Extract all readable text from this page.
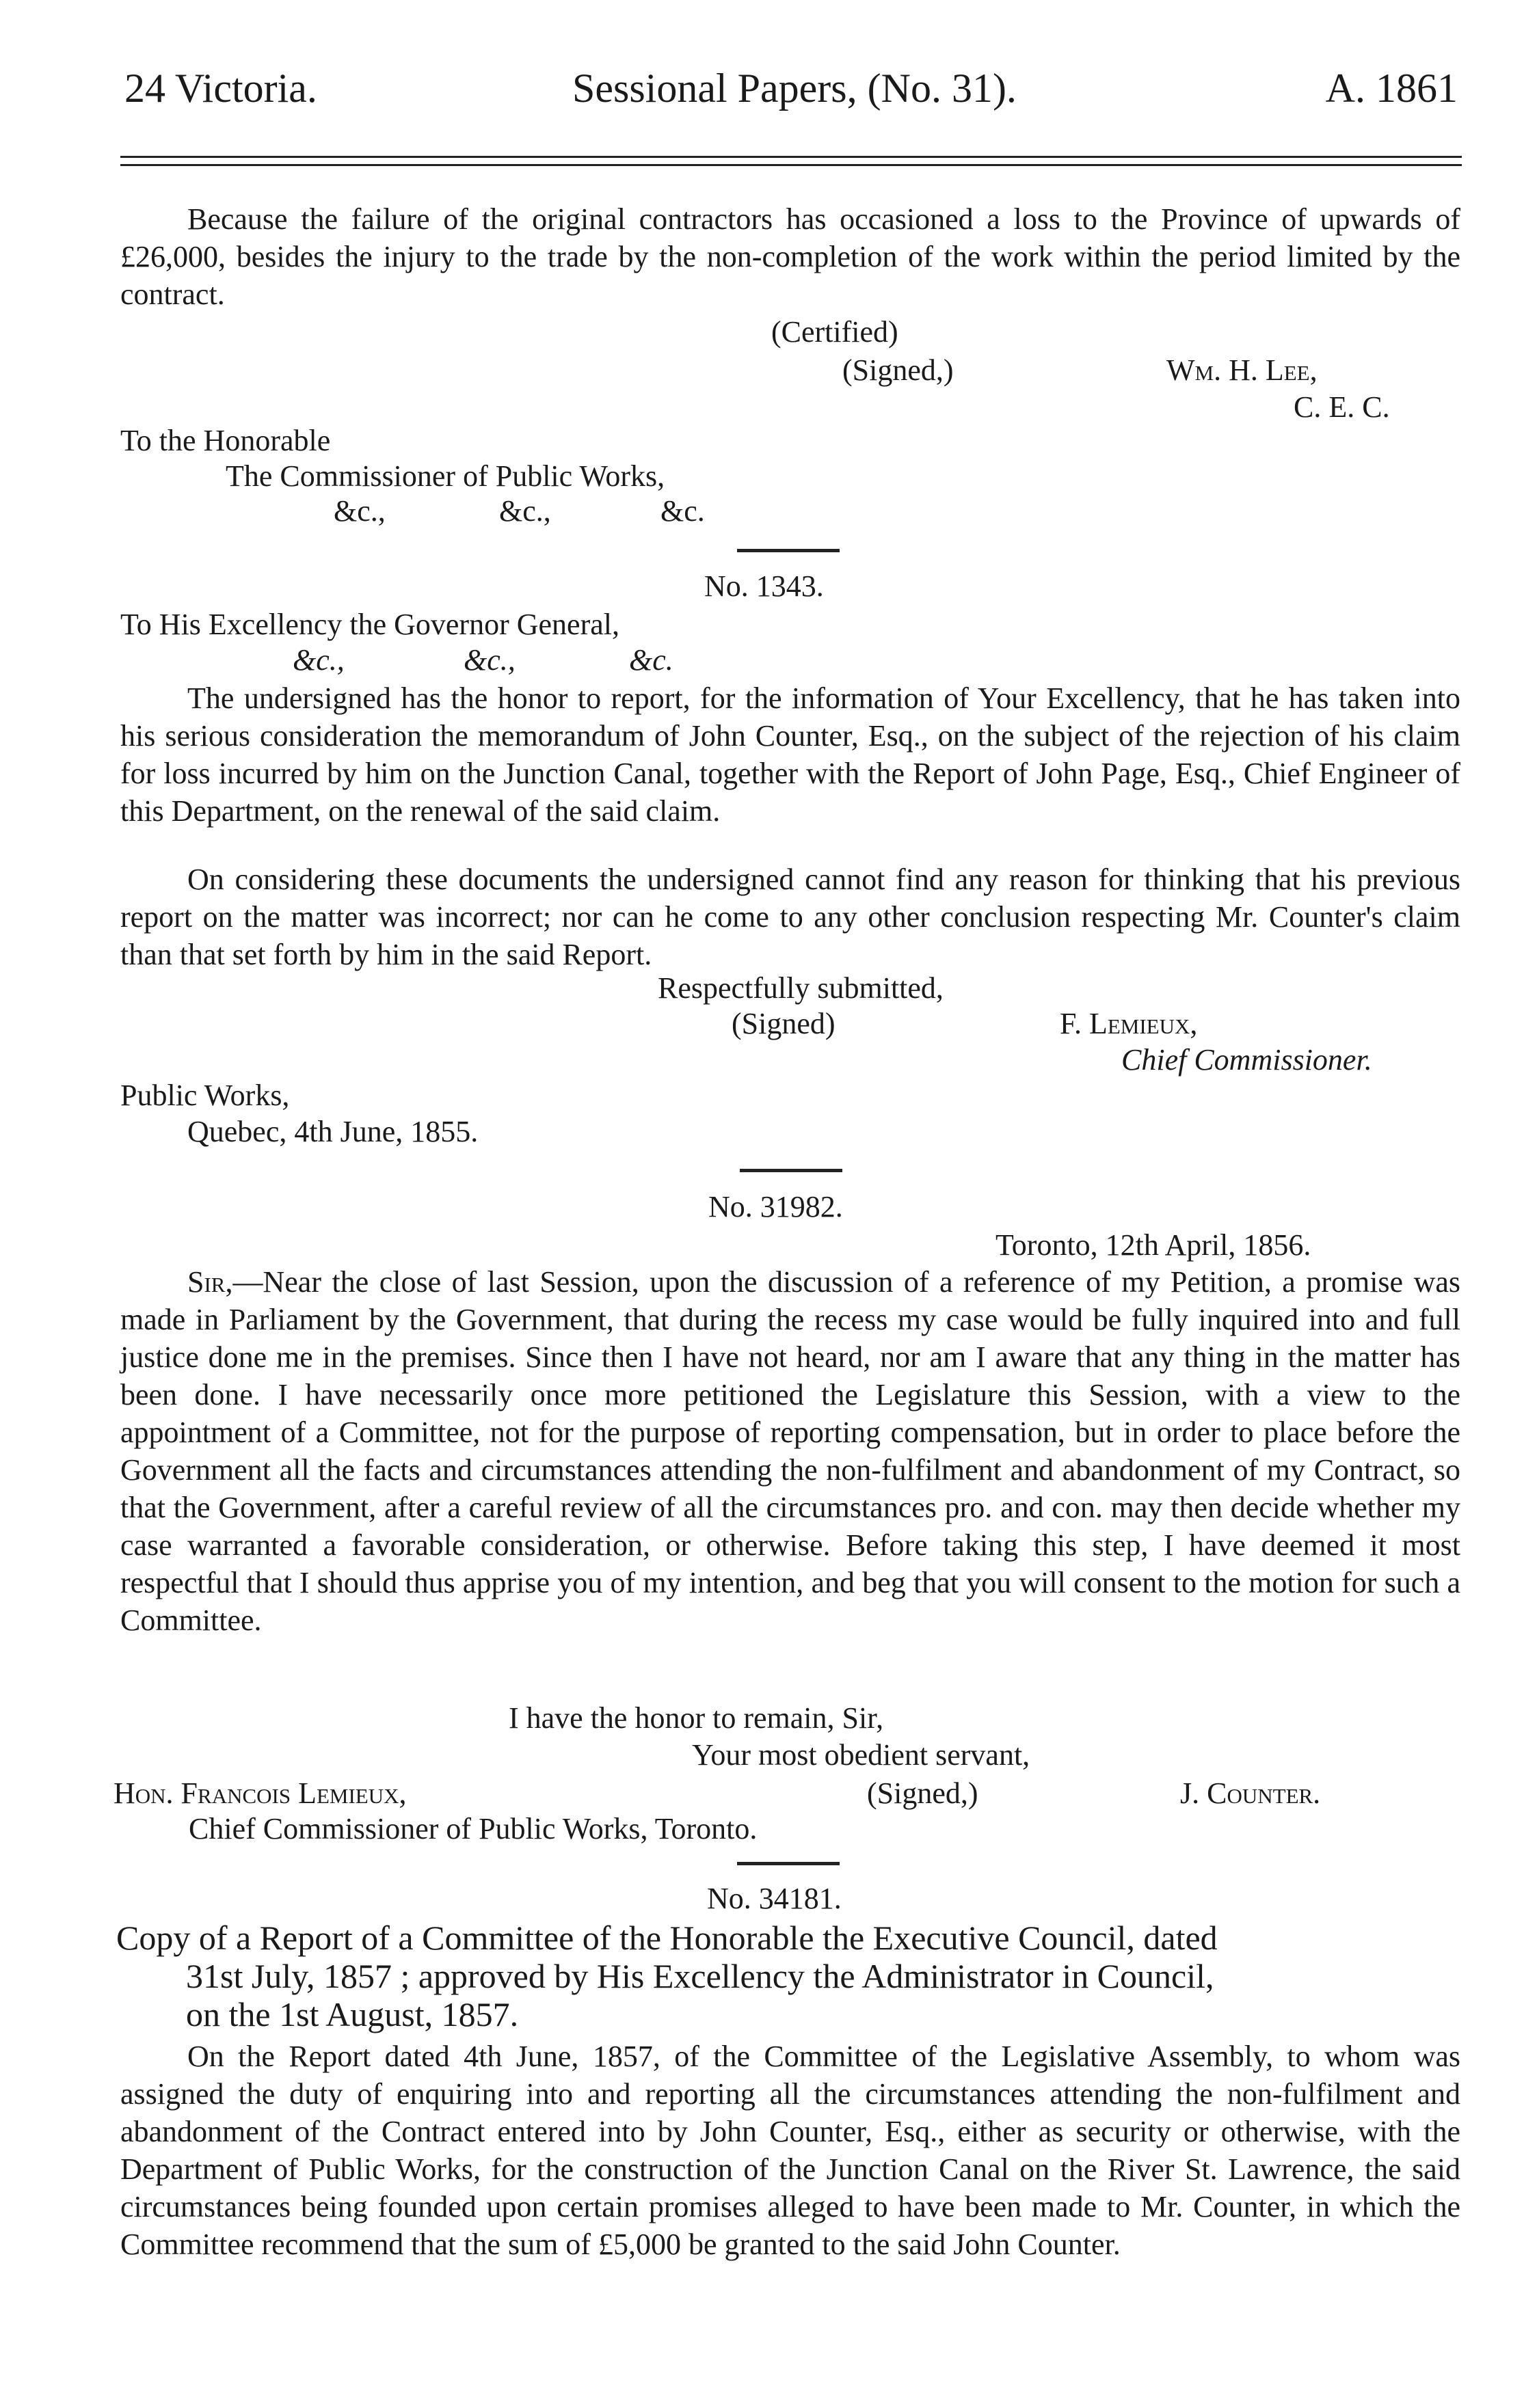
24 Victoria.	Sessional Papers, (No. 31).	A. 1861
Because the failure of the original contractors has occasioned a loss to the Province of upwards of £26,000, besides the injury to the trade by the non-completion of the work within the period limited by the contract.
(Certified)
(Signed,)	Wm. H. Lee,
C. E. C.
To the Honorable
The Commissioner of Public Works,
&c.,	&c.,	&c.
No. 1343.
To His Excellency the Governor General,
&c.,	&c.,	&c.
The undersigned has the honor to report, for the information of Your Excellency, that he has taken into his serious consideration the memorandum of John Counter, Esq., on the subject of the rejection of his claim for loss incurred by him on the Junction Canal, together with the Report of John Page, Esq., Chief Engineer of this Department, on the renewal of the said claim.
On considering these documents the undersigned cannot find any reason for thinking that his previous report on the matter was incorrect; nor can he come to any other conclusion respecting Mr. Counter's claim than that set forth by him in the said Report.
Respectfully submitted,
(Signed)	F. Lemieux,
Chief Commissioner.
Public Works,
Quebec, 4th June, 1855.
No. 31982.
Toronto, 12th April, 1856.
Sir,—Near the close of last Session, upon the discussion of a reference of my Petition, a promise was made in Parliament by the Government, that during the recess my case would be fully inquired into and full justice done me in the premises. Since then I have not heard, nor am I aware that any thing in the matter has been done. I have necessarily once more petitioned the Legislature this Session, with a view to the appointment of a Committee, not for the purpose of reporting compensation, but in order to place before the Government all the facts and circumstances attending the non-fulfilment and abandonment of my Contract, so that the Government, after a careful review of all the circumstances pro. and con. may then decide whether my case warranted a favorable consideration, or otherwise. Before taking this step, I have deemed it most respectful that I should thus apprise you of my intention, and beg that you will consent to the motion for such a Committee.
I have the honor to remain, Sir,
Your most obedient servant,
Hon. Francois Lemieux,	(Signed,)	J. Counter.
Chief Commissioner of Public Works, Toronto.
No. 34181.
Copy of a Report of a Committee of the Honorable the Executive Council, dated
31st July, 1857 ; approved by His Excellency the Administrator in Council,
on the 1st August, 1857.
On the Report dated 4th June, 1857, of the Committee of the Legislative Assembly, to whom was assigned the duty of enquiring into and reporting all the circumstances attending the non-fulfilment and abandonment of the Contract entered into by John Counter, Esq., either as security or otherwise, with the Department of Public Works, for the construction of the Junction Canal on the River St. Lawrence, the said circumstances being founded upon certain promises alleged to have been made to Mr. Counter, in which the Committee recommend that the sum of £5,000 be granted to the said John Counter.
